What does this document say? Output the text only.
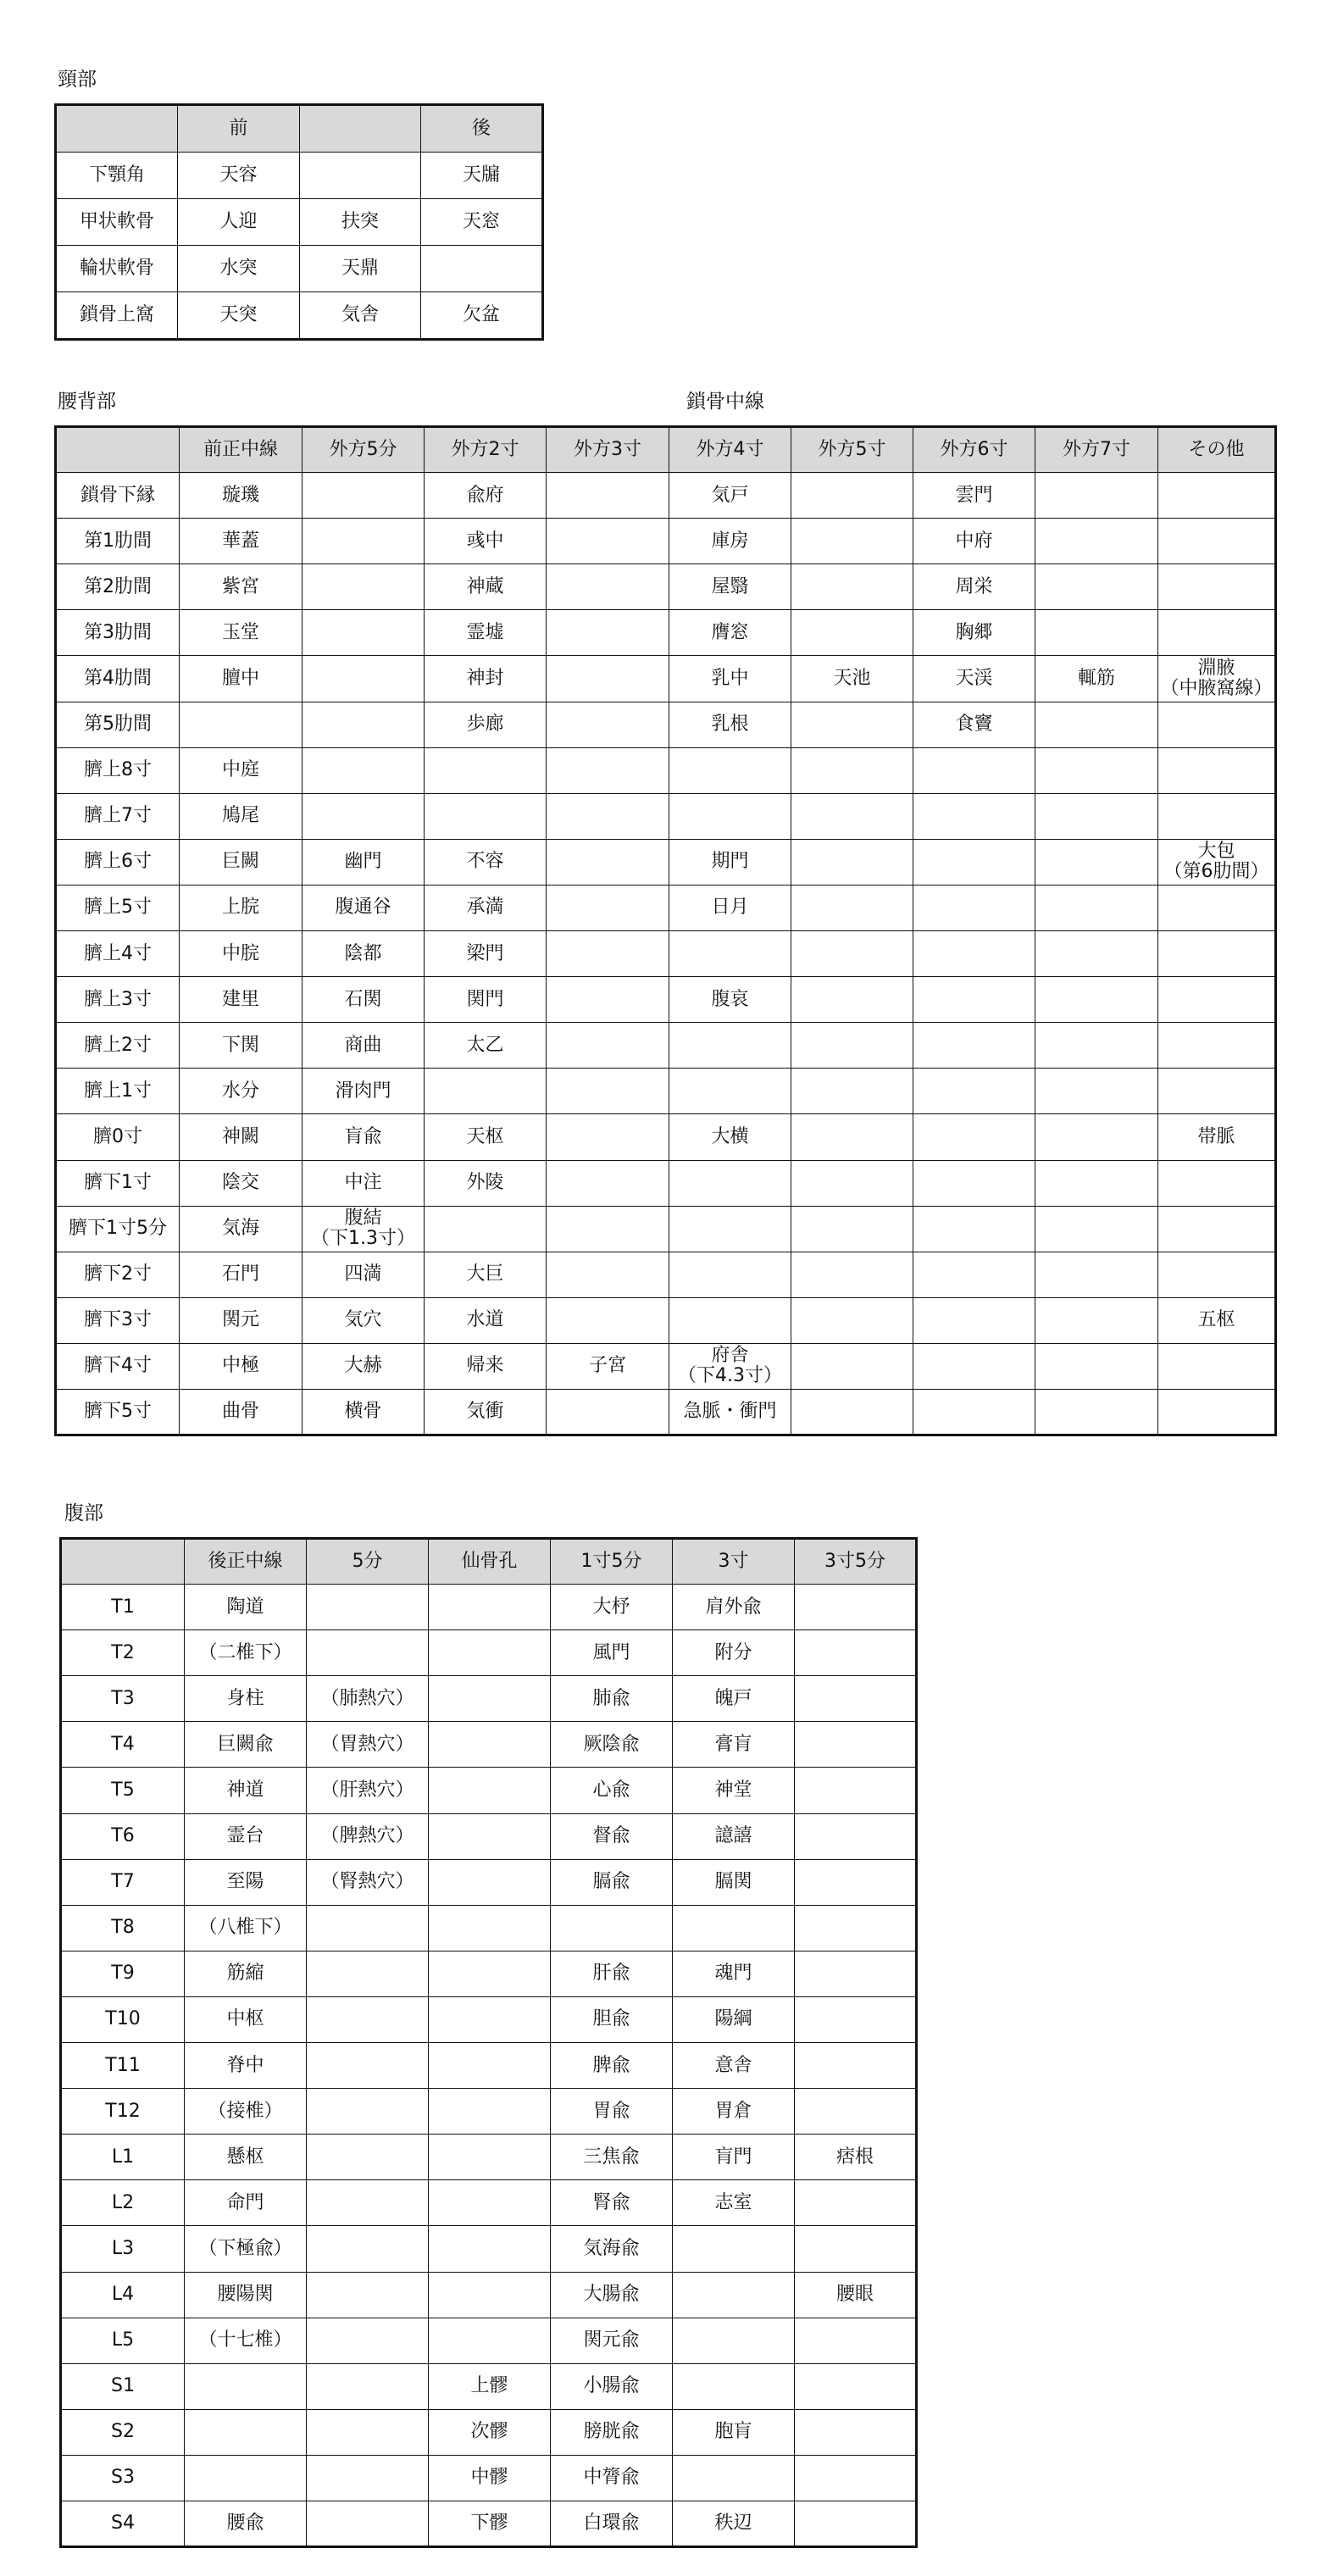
頸部
	前		後
下顎角	天容		天牖
甲状軟骨	人迎	扶突	天窓
輪状軟骨	水突	天鼎	
鎖骨上窩	天突	気舎	欠盆
腰背部	鎖骨中線
	前正中線	外方5分	外方2寸	外方3寸	外方4寸	外方5寸	外方6寸	外方7寸	その他
鎖骨下縁	璇璣		兪府		気戸		雲門		
第1肋間	華蓋		彧中		庫房		中府		
第2肋間	紫宮		神蔵		屋翳		周栄		
第3肋間	玉堂		霊墟		膺窓		胸郷		
第4肋間	膻中		神封		乳中	天池	天渓	輒筋	淵腋
（中腋窩線）
第5肋間			歩廊		乳根		食竇		
臍上8寸	中庭								
臍上7寸	鳩尾								
臍上6寸	巨闕	幽門	不容		期門				大包
（第6肋間）
臍上5寸	上脘	腹通谷	承満		日月				
臍上4寸	中脘	陰都	梁門						
臍上3寸	建里	石関	関門		腹哀				
臍上2寸	下関	商曲	太乙						
臍上1寸	水分	滑肉門							
臍0寸	神闕	肓兪	天枢		大横				帯脈
臍下1寸	陰交	中注	外陵						
臍下1寸5分	気海	腹結
（下1.3寸）							
臍下2寸	石門	四満	大巨						
臍下3寸	関元	気穴	水道						五枢
臍下4寸	中極	大赫	帰来	子宮	府舎
（下4.3寸）				
臍下5寸	曲骨	横骨	気衝		急脈・衝門				
腹部
	後正中線	5分	仙骨孔	1寸5分	3寸	3寸5分
T1	陶道			大杼	肩外兪	
T2	（二椎下）			風門	附分	
T3	身柱	（肺熱穴）		肺兪	魄戸	
T4	巨闕兪	（胃熱穴）		厥陰兪	膏肓	
T5	神道	（肝熱穴）		心兪	神堂	
T6	霊台	（脾熱穴）		督兪	譩譆	
T7	至陽	（腎熱穴）		膈兪	膈関	
T8	（八椎下）					
T9	筋縮			肝兪	魂門	
T10	中枢			胆兪	陽綱	
T11	脊中			脾兪	意舎	
T12	（接椎）			胃兪	胃倉	
L1	懸枢			三焦兪	肓門	痞根
L2	命門			腎兪	志室	
L3	（下極兪）			気海兪		
L4	腰陽関			大腸兪		腰眼
L5	（十七椎）			関元兪		
S1			上髎	小腸兪		
S2			次髎	膀胱兪	胞肓	
S3			中髎	中膂兪		
S4	腰兪		下髎	白環兪	秩辺	
